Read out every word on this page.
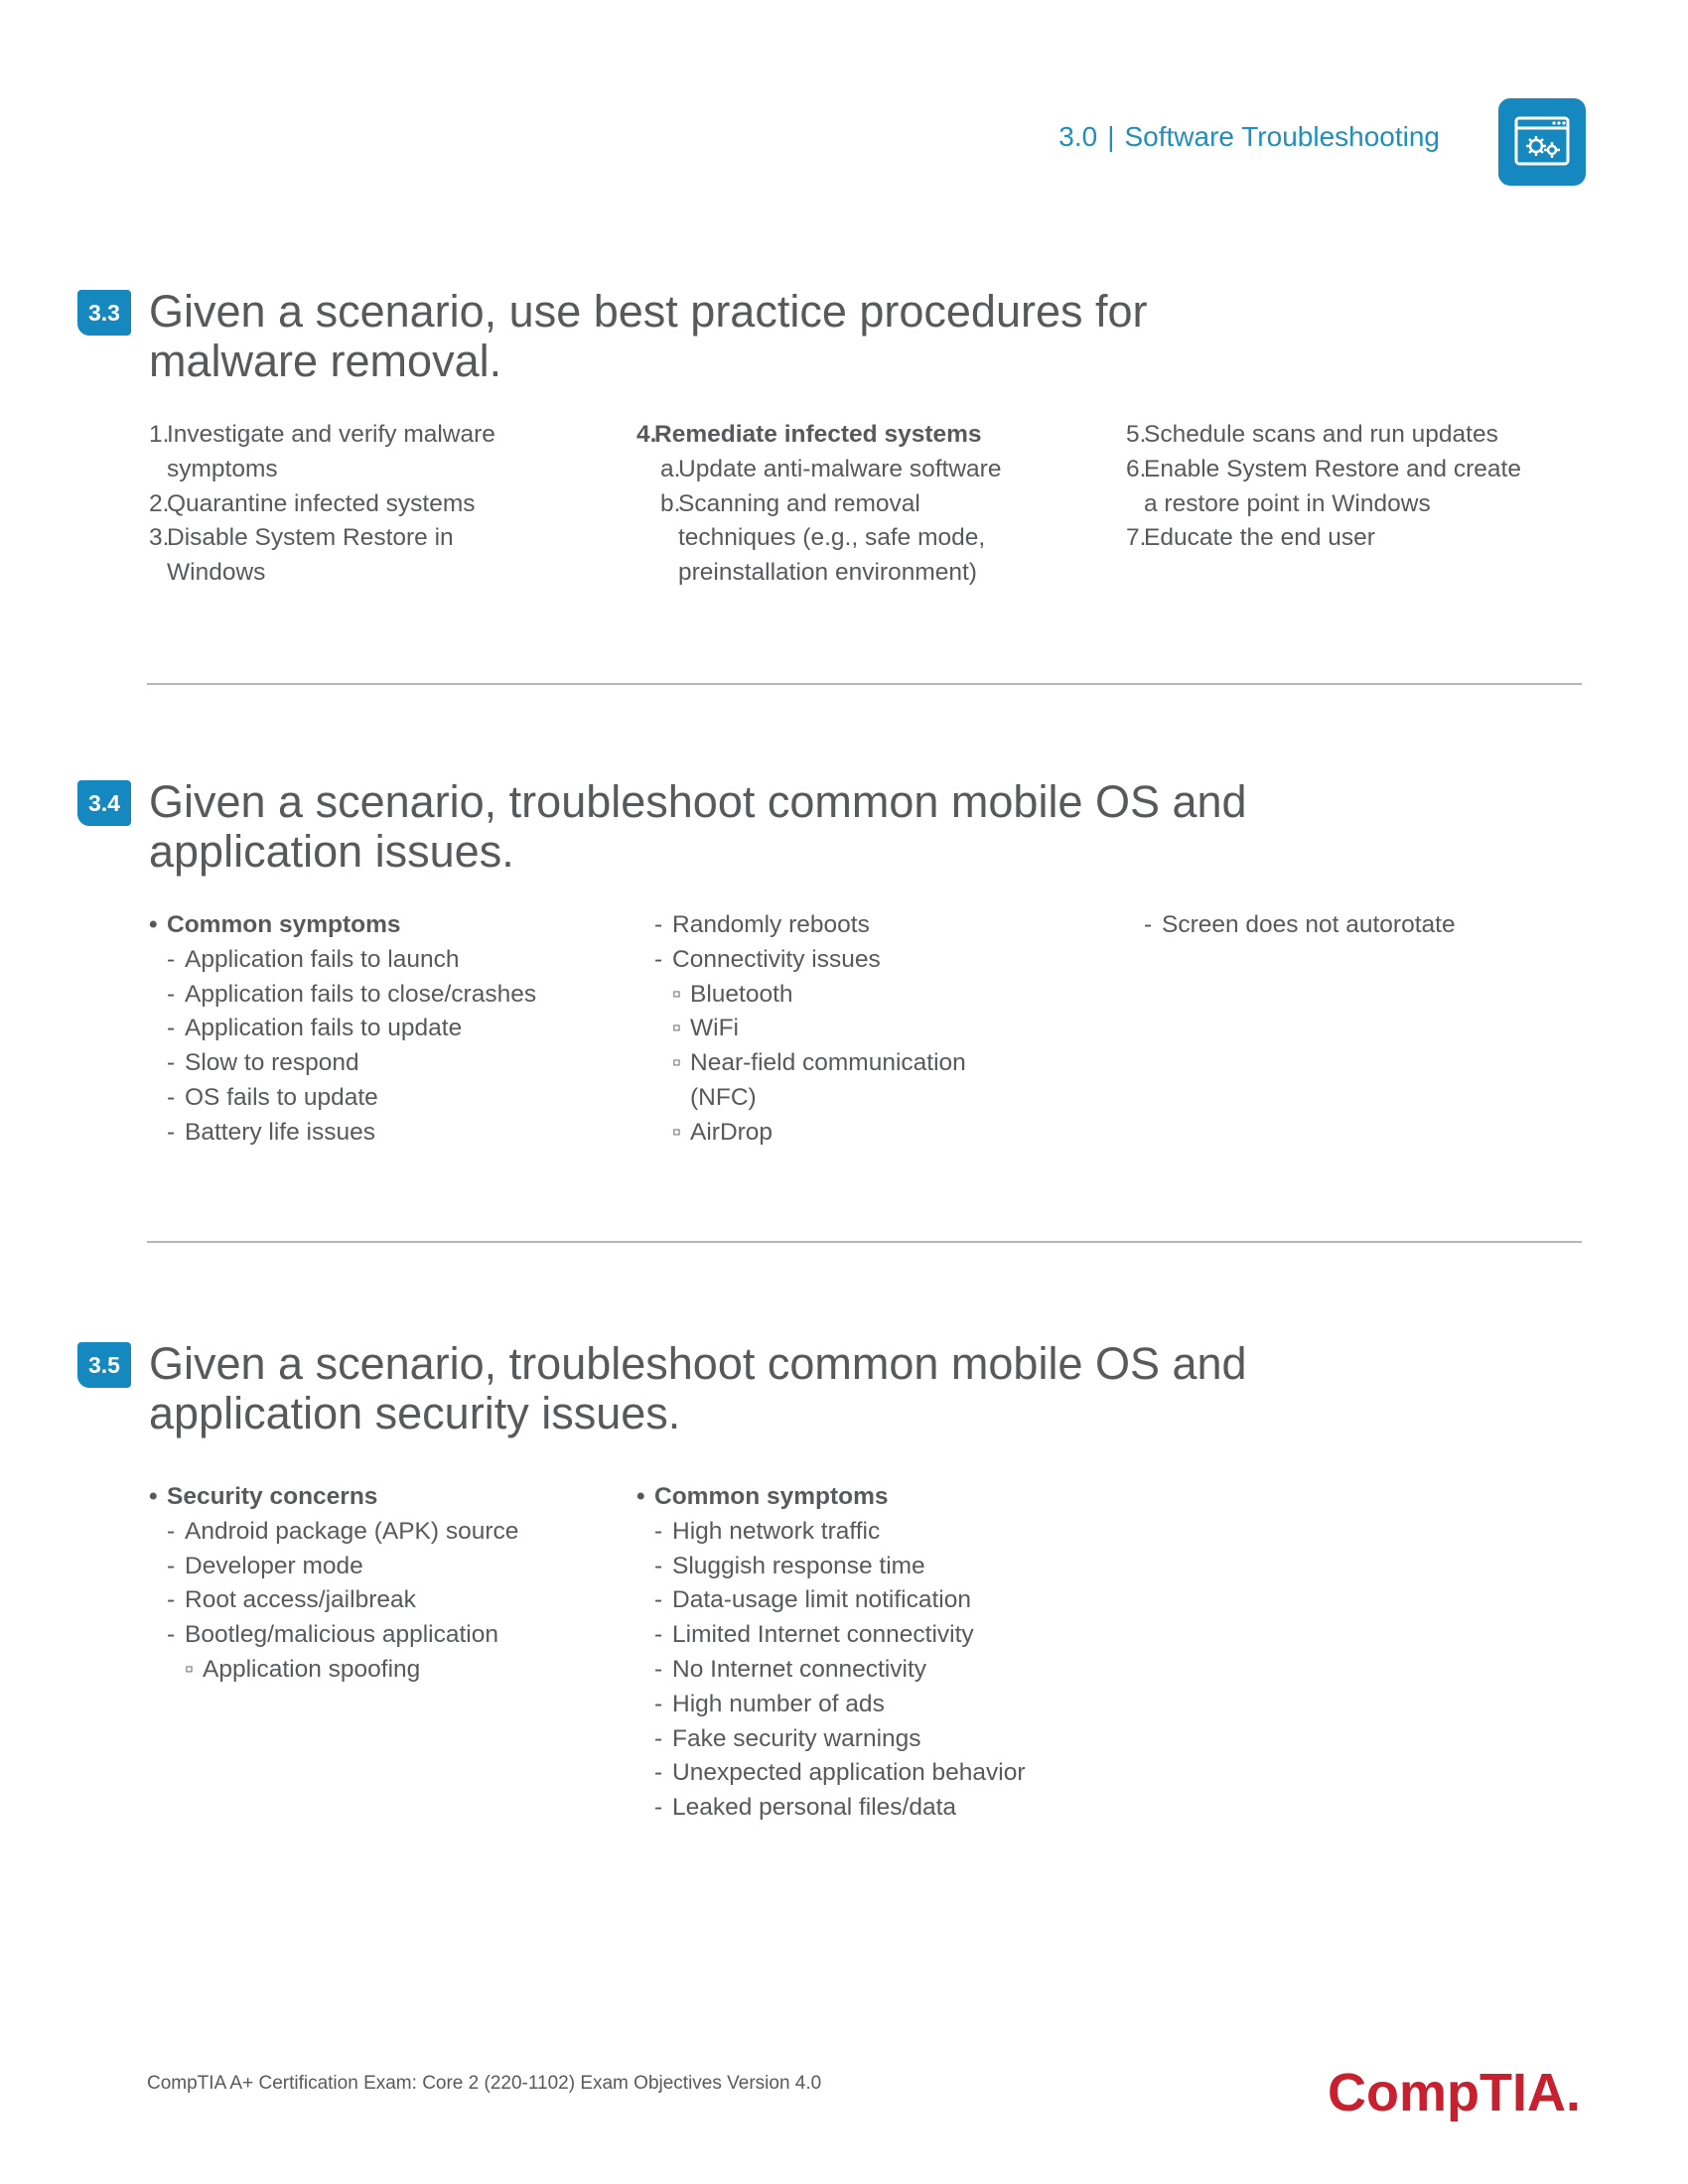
3.0 | Software Troubleshooting
3.3 Given a scenario, use best practice procedures for
malware removal.
1.
Investigate and verify malware
symptoms
2.
Quarantine infected systems
3.
Disable System Restore in
Windows
4.
Remediate infected systems
a.
Update anti-malware software
b.
Scanning and removal
techniques (e.g., safe mode,
preinstallation environment)
5.
Schedule scans and run updates
6.
Enable System Restore and create
a restore point in Windows
7.
Educate the end user
3.4 Given a scenario, troubleshoot common mobile OS and
application issues.
• Common symptoms
- Application fails to launch
- Application fails to close/crashes
- Application fails to update
- Slow to respond
- OS fails to update
- Battery life issues
- Randomly reboots
- Connectivity issues
▫ Bluetooth
▫ WiFi
▫ Near-field communication
(NFC)
▫ AirDrop
- Screen does not autorotate
3.5 Given a scenario, troubleshoot common mobile OS and
application security issues.
• Security concerns
- Android package (APK) source
- Developer mode
- Root access/jailbreak
- Bootleg/malicious application
▫ Application spoofing
• Common symptoms
- High network traffic
- Sluggish response time
- Data-usage limit notification
- Limited Internet connectivity
- No Internet connectivity
- High number of ads
- Fake security warnings
- Unexpected application behavior
- Leaked personal files/data
CompTIA A+ Certification Exam: Core 2 (220-1102) Exam Objectives Version 4.0	CompTIA.
